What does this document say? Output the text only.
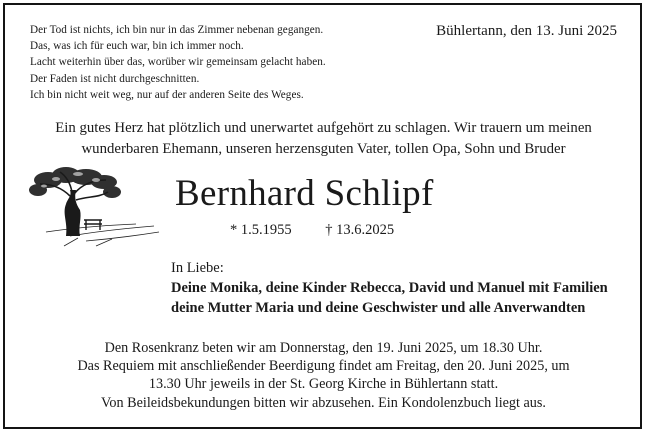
Der Tod ist nichts, ich bin nur in das Zimmer nebenan gegangen.
Das, was ich für euch war, bin ich immer noch.
Lacht weiterhin über das, worüber wir gemeinsam gelacht haben.
Der Faden ist nicht durchgeschnitten.
Ich bin nicht weit weg, nur auf der anderen Seite des Weges.
Bühlertann, den 13. Juni 2025
Ein gutes Herz hat plötzlich und unerwartet aufgehört zu schlagen. Wir trauern um meinen
wunderbaren Ehemann, unseren herzensguten Vater, tollen Opa, Sohn und Bruder
Bernhard Schlipf
* 1.5.1955 † 13.6.2025
In Liebe:
Deine Monika, deine Kinder Rebecca, David und Manuel mit Familien
deine Mutter Maria und deine Geschwister und alle Anverwandten
Den Rosenkranz beten wir am Donnerstag, den 19. Juni 2025, um 18.30 Uhr.
Das Requiem mit anschließender Beerdigung findet am Freitag, den 20. Juni 2025, um
13.30 Uhr jeweils in der St. Georg Kirche in Bühlertann statt.
Von Beileidsbekundungen bitten wir abzusehen. Ein Kondolenzbuch liegt aus.
